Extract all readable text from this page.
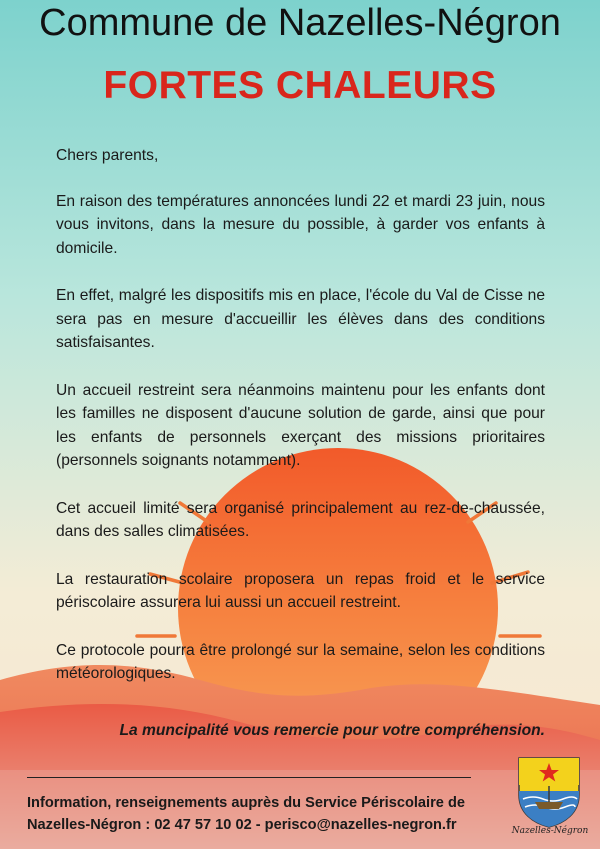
Commune de Nazelles-Négron
FORTES CHALEURS

Chers parents,

En raison des températures annoncées lundi 22 et mardi 23 juin, nous vous invitons, dans la mesure du possible, à garder vos enfants à domicile.

En effet, malgré les dispositifs mis en place, l'école du Val de Cisse ne sera pas en mesure d'accueillir les élèves dans des conditions satisfaisantes.

Un accueil restreint sera néanmoins maintenu pour les enfants dont les familles ne disposent d'aucune solution de garde, ainsi que pour les enfants de personnels exerçant des missions prioritaires (personnels soignants notamment).

Cet accueil limité sera organisé principalement au rez-de-chaussée, dans des salles climatisées.

La restauration scolaire proposera un repas froid et le service périscolaire assurera lui aussi un accueil restreint.

Ce protocole pourra être prolongé sur la semaine, selon les conditions météorologiques.

La muncipalité vous remercie pour votre compréhension.

Information, renseignements auprès du Service Périscolaire de
Nazelles-Négron : 02 47 57 10 02 - perisco@nazelles-negron.fr	Nazelles-Négron
